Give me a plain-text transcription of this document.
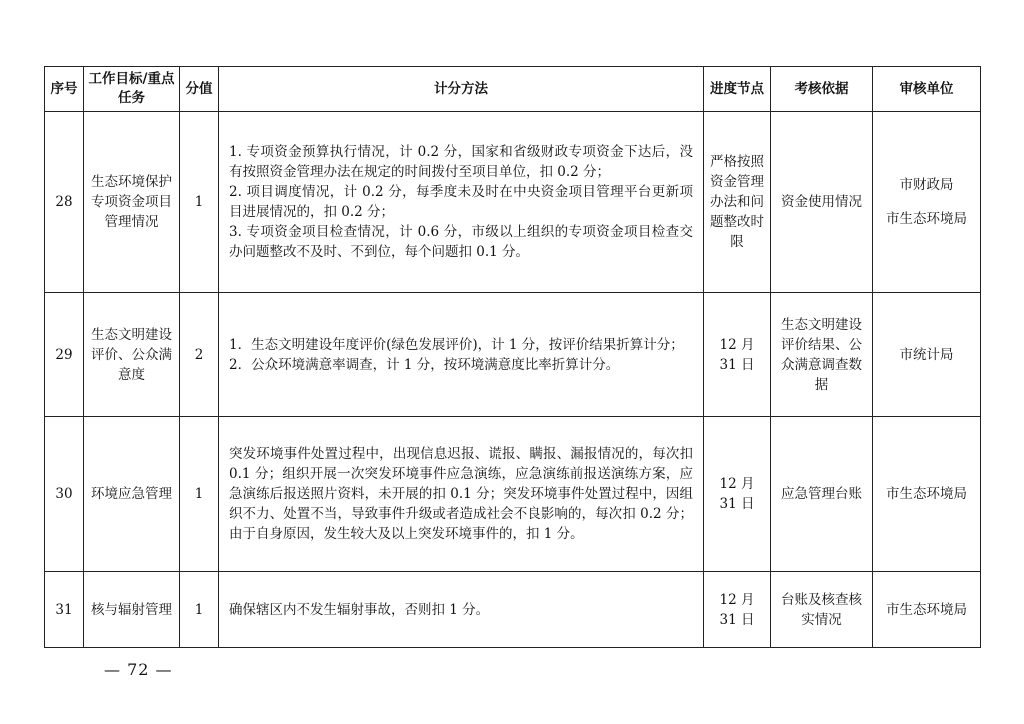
序号	工作目标/重点任务	分值	计分方法	进度节点	考核依据	审核单位
28	生态环境保护专项资金项目管理情况	1	1. 专项资金预算执行情况，计 0.2 分，国家和省级财政专项资金下达后，没有按照资金管理办法在规定的时间拨付至项目单位，扣 0.2 分；
2. 项目调度情况，计 0.2 分，每季度未及时在中央资金项目管理平台更新项目进展情况的，扣 0.2 分；
3. 专项资金项目检查情况，计 0.6 分，市级以上组织的专项资金项目检查交办问题整改不及时、不到位，每个问题扣 0.1 分。	严格按照资金管理办法和问题整改时限	资金使用情况	市财政局
市生态环境局

29	生态文明建设评价、公众满意度	2	1．生态文明建设年度评价(绿色发展评价)，计 1 分，按评价结果折算计分；
2．公众环境满意率调查，计 1 分，按环境满意度比率折算计分。	12 月 31 日	生态文明建设评价结果、公众满意调查数据	市统计局

30	环境应急管理	1	突发环境事件处置过程中，出现信息迟报、谎报、瞒报、漏报情况的，每次扣 0.1 分；组织开展一次突发环境事件应急演练，应急演练前报送演练方案，应急演练后报送照片资料，未开展的扣 0.1 分；突发环境事件处置过程中，因组织不力、处置不当，导致事件升级或者造成社会不良影响的，每次扣 0.2 分；由于自身原因，发生较大及以上突发环境事件的，扣 1 分。	12 月 31 日	应急管理台账	市生态环境局

31	核与辐射管理	1	确保辖区内不发生辐射事故，否则扣 1 分。	12 月 31 日	台账及核查核实情况	市生态环境局
— 72 —
